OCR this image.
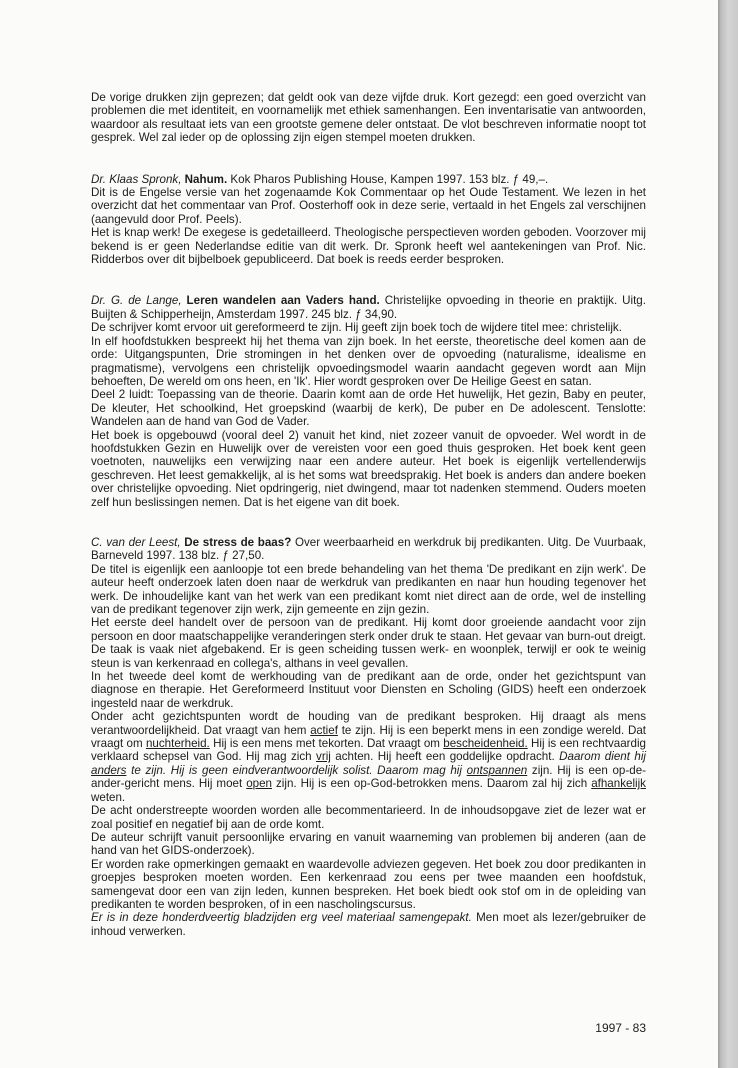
De vorige drukken zijn geprezen; dat geldt ook van deze vijfde druk. Kort gezegd: een goed overzicht van problemen die met identiteit, en voornamelijk met ethiek samenhangen. Een inventarisatie van antwoorden, waardoor als resultaat iets van een grootste gemene deler ontstaat. De vlot beschreven informatie noopt tot gesprek. Wel zal ieder op de oplossing zijn eigen stempel moeten drukken.

Dr. Klaas Spronk, Nahum. Kok Pharos Publishing House, Kampen 1997. 153 blz. ƒ 49,–.

Dit is de Engelse versie van het zogenaamde Kok Commentaar op het Oude Testament. We lezen in het overzicht dat het commentaar van Prof. Oosterhoff ook in deze serie, vertaald in het Engels zal verschijnen (aangevuld door Prof. Peels).

Het is knap werk! De exegese is gedetailleerd. Theologische perspectieven worden geboden. Voorzover mij bekend is er geen Nederlandse editie van dit werk. Dr. Spronk heeft wel aantekeningen van Prof. Nic. Ridderbos over dit bijbelboek gepubliceerd. Dat boek is reeds eerder besproken.

Dr. G. de Lange, Leren wandelen aan Vaders hand. Christelijke opvoeding in theorie en praktijk. Uitg. Buijten & Schipperheijn, Amsterdam 1997. 245 blz. ƒ 34,90.

De schrijver komt ervoor uit gereformeerd te zijn. Hij geeft zijn boek toch de wijdere titel mee: christelijk.

In elf hoofdstukken bespreekt hij het thema van zijn boek. In het eerste, theoretische deel komen aan de orde: Uitgangspunten, Drie stromingen in het denken over de opvoeding (naturalisme, idealisme en pragmatisme), vervolgens een christelijk opvoedingsmodel waarin aandacht gegeven wordt aan Mijn behoeften, De wereld om ons heen, en 'Ik'. Hier wordt gesproken over De Heilige Geest en satan.

Deel 2 luidt: Toepassing van de theorie. Daarin komt aan de orde Het huwelijk, Het gezin, Baby en peuter, De kleuter, Het schoolkind, Het groepskind (waarbij de kerk), De puber en De adolescent. Tenslotte: Wandelen aan de hand van God de Vader.

Het boek is opgebouwd (vooral deel 2) vanuit het kind, niet zozeer vanuit de opvoeder. Wel wordt in de hoofdstukken Gezin en Huwelijk over de vereisten voor een goed thuis gesproken. Het boek kent geen voetnoten, nauwelijks een verwijzing naar een andere auteur. Het boek is eigenlijk vertellenderwijs geschreven. Het leest gemakkelijk, al is het soms wat breedsprakig. Het boek is anders dan andere boeken over christelijke opvoeding. Niet opdringerig, niet dwingend, maar tot nadenken stemmend. Ouders moeten zelf hun beslissingen nemen. Dat is het eigene van dit boek.

C. van der Leest, De stress de baas? Over weerbaarheid en werkdruk bij predikanten. Uitg. De Vuurbaak, Barneveld 1997. 138 blz. ƒ 27,50.

De titel is eigenlijk een aanloopje tot een brede behandeling van het thema 'De predikant en zijn werk'. De auteur heeft onderzoek laten doen naar de werkdruk van predikanten en naar hun houding tegenover het werk. De inhoudelijke kant van het werk van een predikant komt niet direct aan de orde, wel de instelling van de predikant tegenover zijn werk, zijn gemeente en zijn gezin.

Het eerste deel handelt over de persoon van de predikant. Hij komt door groeiende aandacht voor zijn persoon en door maatschappelijke veranderingen sterk onder druk te staan. Het gevaar van burn-out dreigt. De taak is vaak niet afgebakend. Er is geen scheiding tussen werk- en woonplek, terwijl er ook te weinig steun is van kerkenraad en collega's, althans in veel gevallen.

In het tweede deel komt de werkhouding van de predikant aan de orde, onder het gezichtspunt van diagnose en therapie. Het Gereformeerd Instituut voor Diensten en Scholing (GIDS) heeft een onderzoek ingesteld naar de werkdruk.

Onder acht gezichtspunten wordt de houding van de predikant besproken. Hij draagt als mens verantwoordelijkheid. Dat vraagt van hem actief te zijn. Hij is een beperkt mens in een zondige wereld. Dat vraagt om nuchterheid. Hij is een mens met tekorten. Dat vraagt om bescheidenheid. Hij is een rechtvaardig verklaard schepsel van God. Hij mag zich vrij achten. Hij heeft een goddelijke opdracht. Daarom dient hij anders te zijn. Hij is geen eindverantwoordelijk solist. Daarom mag hij ontspannen zijn. Hij is een op-de-ander-gericht mens. Hij moet open zijn. Hij is een op-God-betrokken mens. Daarom zal hij zich afhankelijk weten.

De acht onderstreepte woorden worden alle becommentarieerd. In de inhoudsopgave ziet de lezer wat er zoal positief en negatief bij aan de orde komt.

De auteur schrijft vanuit persoonlijke ervaring en vanuit waarneming van problemen bij anderen (aan de hand van het GIDS-onderzoek).

Er worden rake opmerkingen gemaakt en waardevolle adviezen gegeven. Het boek zou door predikanten in groepjes besproken moeten worden. Een kerkenraad zou eens per twee maanden een hoofdstuk, samengevat door een van zijn leden, kunnen bespreken. Het boek biedt ook stof om in de opleiding van predikanten te worden besproken, of in een nascholingscursus.

Er is in deze honderdveertig bladzijden erg veel materiaal samengepakt. Men moet als lezer/gebruiker de inhoud verwerken.

1997 - 83
